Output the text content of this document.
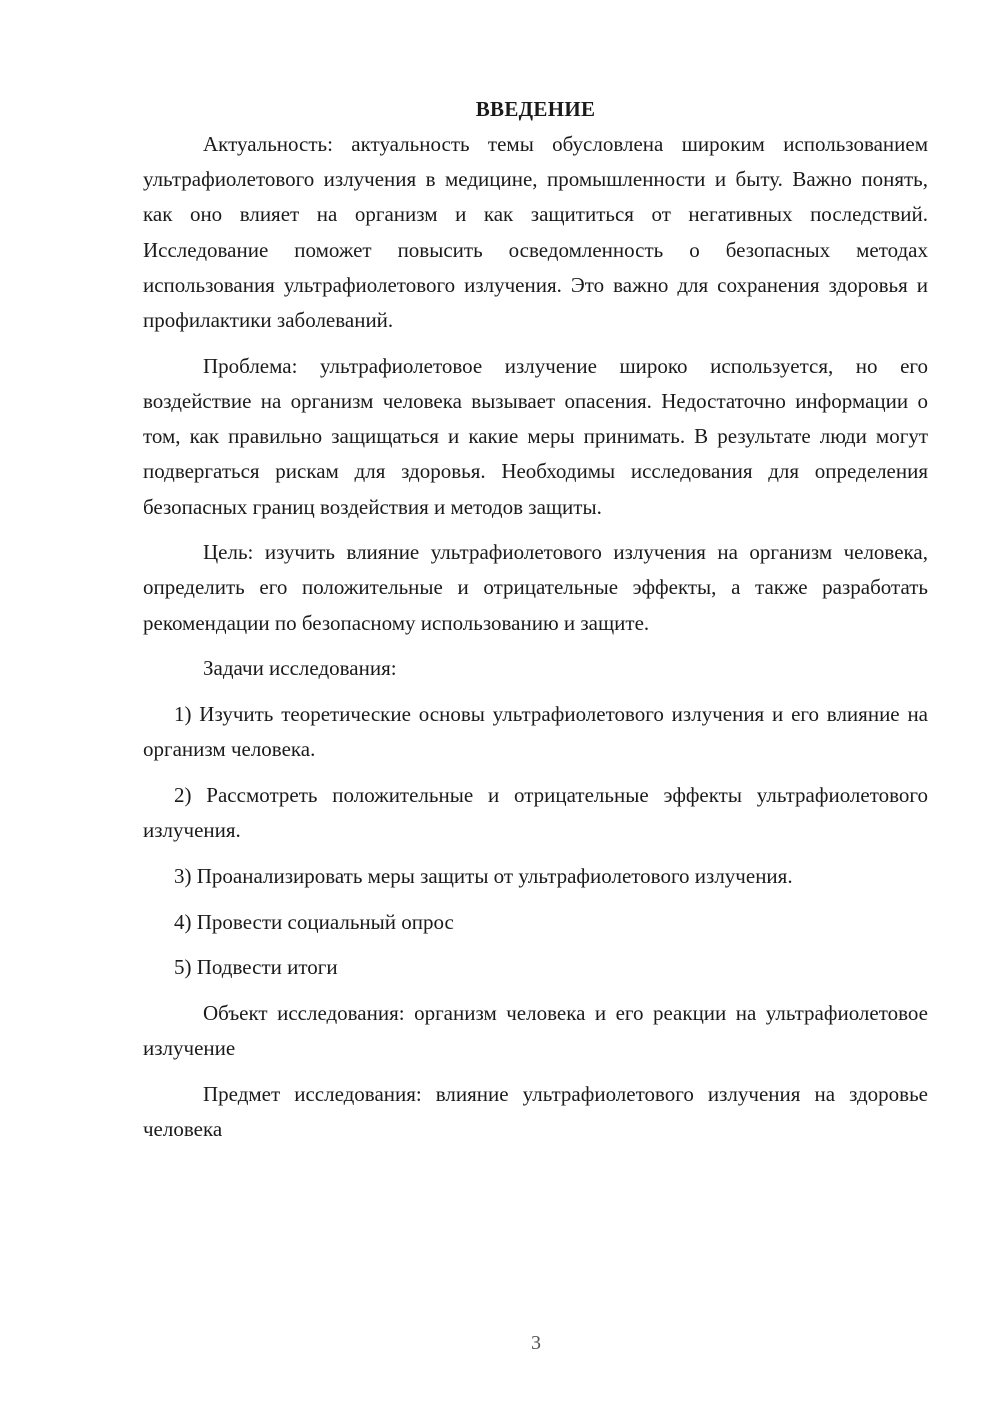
ВВЕДЕНИЕ

Актуальность: актуальность темы обусловлена широким использованием ультрафиолетового излучения в медицине, промышленности и быту. Важно понять, как оно влияет на организм и как защититься от негативных последствий. Исследование поможет повысить осведомленность о безопасных методах использования ультрафиолетового излучения. Это важно для сохранения здоровья и профилактики заболеваний.

Проблема: ультрафиолетовое излучение широко используется, но его воздействие на организм человека вызывает опасения. Недостаточно информации о том, как правильно защищаться и какие меры принимать. В результате люди могут подвергаться рискам для здоровья. Необходимы исследования для определения безопасных границ воздействия и методов защиты.

Цель: изучить влияние ультрафиолетового излучения на организм человека, определить его положительные и отрицательные эффекты, а также разработать рекомендации по безопасному использованию и защите.

Задачи исследования:

1) Изучить теоретические основы ультрафиолетового излучения и его влияние на организм человека.

2) Рассмотреть положительные и отрицательные эффекты ультрафиолетового излучения.

3) Проанализировать меры защиты от ультрафиолетового излучения.

4) Провести социальный опрос

5) Подвести итоги

Объект исследования: организм человека и его реакции на ультрафиолетовое излучение

Предмет исследования: влияние ультрафиолетового излучения на здоровье человека

3
